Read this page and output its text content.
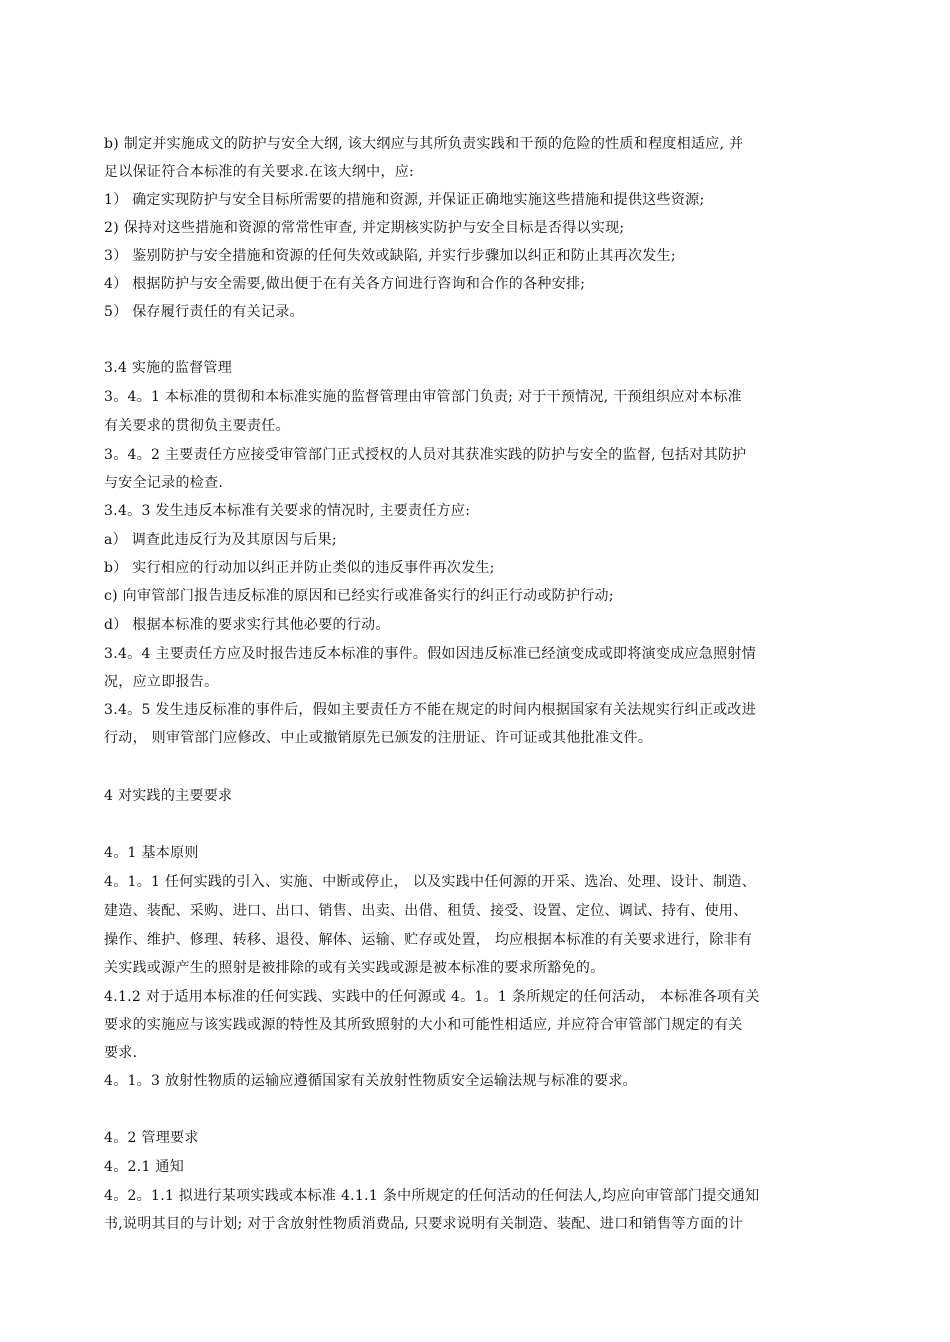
b) 制定并实施成文的防护与安全大纲, 该大纲应与其所负责实践和干预的危险的性质和程度相适应, 并
足以保证符合本标准的有关要求.在该大纲中，应:
1） 确定实现防护与安全目标所需要的措施和资源, 并保证正确地实施这些措施和提供这些资源;
2) 保持对这些措施和资源的常常性审查, 并定期核实防护与安全目标是否得以实现;
3） 鉴别防护与安全措施和资源的任何失效或缺陷, 并实行步骤加以纠正和防止其再次发生;
4） 根据防护与安全需要,做出便于在有关各方间进行咨询和合作的各种安排;
5） 保存履行责任的有关记录。
3.4 实施的监督管理
3。4。1 本标准的贯彻和本标准实施的监督管理由审管部门负责; 对于干预情况, 干预组织应对本标准
有关要求的贯彻负主要责任。
3。4。2 主要责任方应接受审管部门正式授权的人员对其获准实践的防护与安全的监督, 包括对其防护
与安全记录的检查.
3.4。3 发生违反本标准有关要求的情况时, 主要责任方应:
a） 调查此违反行为及其原因与后果;
b） 实行相应的行动加以纠正并防止类似的违反事件再次发生;
c) 向审管部门报告违反标准的原因和已经实行或准备实行的纠正行动或防护行动;
d） 根据本标准的要求实行其他必要的行动。
3.4。4 主要责任方应及时报告违反本标准的事件。假如因违反标准已经演变成或即将演变成应急照射情
况，应立即报告。
3.4。5 发生违反标准的事件后，假如主要责任方不能在规定的时间内根据国家有关法规实行纠正或改进
行动， 则审管部门应修改、中止或撤销原先已颁发的注册证、许可证或其他批准文件。
4 对实践的主要要求
4。1 基本原则
4。1。1 任何实践的引入、实施、中断或停止， 以及实践中任何源的开采、选冶、处理、设计、制造、
建造、装配、采购、进口、出口、销售、出卖、出借、租赁、接受、设置、定位、调试、持有、使用、
操作、维护、修理、转移、退役、解体、运输、贮存或处置， 均应根据本标准的有关要求进行，除非有
关实践或源产生的照射是被排除的或有关实践或源是被本标准的要求所豁免的。
4.1.2 对于适用本标准的任何实践、实践中的任何源或 4。1。1 条所规定的任何活动， 本标准各项有关
要求的实施应与该实践或源的特性及其所致照射的大小和可能性相适应, 并应符合审管部门规定的有关
要求.
4。1。3 放射性物质的运输应遵循国家有关放射性物质安全运输法规与标准的要求。
4。2 管理要求
4。2.1 通知
4。2。1.1 拟进行某项实践或本标准 4.1.1 条中所规定的任何活动的任何法人,均应向审管部门提交通知
书,说明其目的与计划; 对于含放射性物质消费品, 只要求说明有关制造、装配、进口和销售等方面的计
